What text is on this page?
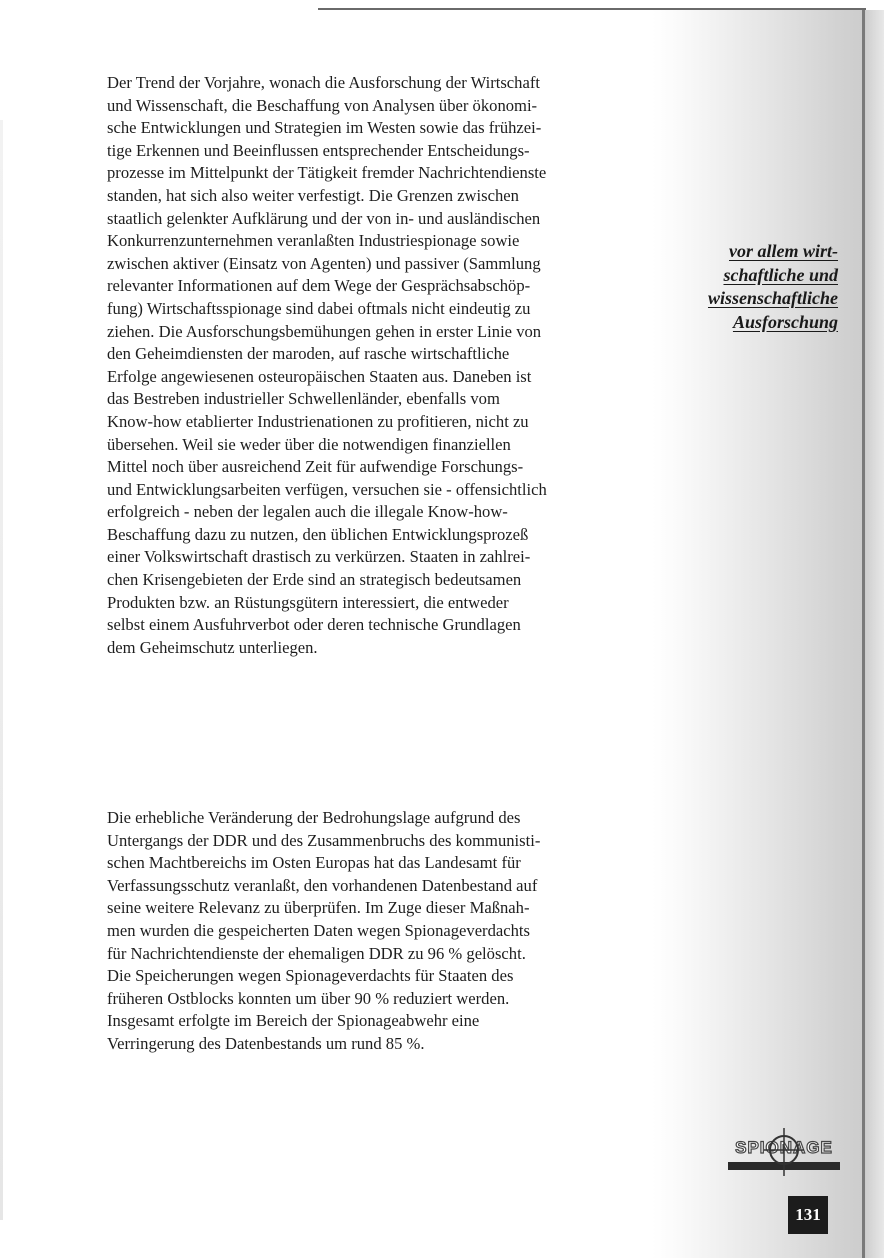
Der Trend der Vorjahre, wonach die Ausforschung der Wirtschaft
und Wissenschaft, die Beschaffung von Analysen über ökonomi-
sche Entwicklungen und Strategien im Westen sowie das frühzei-
tige Erkennen und Beeinflussen entsprechender Entscheidungs-
prozesse im Mittelpunkt der Tätigkeit fremder Nachrichtendienste
standen, hat sich also weiter verfestigt. Die Grenzen zwischen
staatlich gelenkter Aufklärung und der von in- und ausländischen
Konkurrenzunternehmen veranlaßten Industriespionage sowie
zwischen aktiver (Einsatz von Agenten) und passiver (Sammlung
relevanter Informationen auf dem Wege der Gesprächsabschöp-
fung) Wirtschaftsspionage sind dabei oftmals nicht eindeutig zu
ziehen. Die Ausforschungsbemühungen gehen in erster Linie von
den Geheimdiensten der maroden, auf rasche wirtschaftliche
Erfolge angewiesenen osteuropäischen Staaten aus. Daneben ist
das Bestreben industrieller Schwellenländer, ebenfalls vom
Know-how etablierter Industrienationen zu profitieren, nicht zu
übersehen. Weil sie weder über die notwendigen finanziellen
Mittel noch über ausreichend Zeit für aufwendige Forschungs-
und Entwicklungsarbeiten verfügen, versuchen sie - offensichtlich
erfolgreich - neben der legalen auch die illegale Know-how-
Beschaffung dazu zu nutzen, den üblichen Entwicklungsprozeß
einer Volkswirtschaft drastisch zu verkürzen. Staaten in zahlrei-
chen Krisengebieten der Erde sind an strategisch bedeutsamen
Produkten bzw. an Rüstungsgütern interessiert, die entweder
selbst einem Ausfuhrverbot oder deren technische Grundlagen
dem Geheimschutz unterliegen.
Die erhebliche Veränderung der Bedrohungslage aufgrund des
Untergangs der DDR und des Zusammenbruchs des kommunisti-
schen Machtbereichs im Osten Europas hat das Landesamt für
Verfassungsschutz veranlaßt, den vorhandenen Datenbestand auf
seine weitere Relevanz zu überprüfen. Im Zuge dieser Maßnah-
men wurden die gespeicherten Daten wegen Spionageverdachts
für Nachrichtendienste der ehemaligen DDR zu 96 % gelöscht.
Die Speicherungen wegen Spionageverdachts für Staaten des
früheren Ostblocks konnten um über 90 % reduziert werden.
Insgesamt erfolgte im Bereich der Spionageabwehr eine
Verringerung des Datenbestands um rund 85 %.
vor allem wirt-
schaftliche und
wissenschaftliche
Ausforschung
SPIONAGE
131
